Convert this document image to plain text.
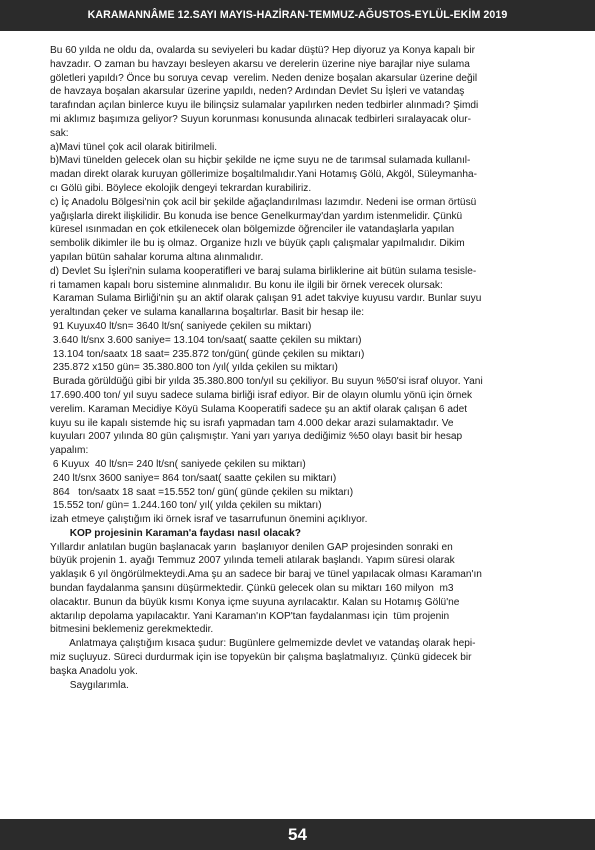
KARAMANNÂME 12.SAYI MAYIS-HAZİRAN-TEMMUZ-AĞUSTOS-EYLÜL-EKİM 2019
Bu 60 yılda ne oldu da, ovalarda su seviyeleri bu kadar düştü? Hep diyoruz ya Konya kapalı bir
havzadır. O zaman bu havzayı besleyen akarsu ve derelerin üzerine niye barajlar niye sulama
göletleri yapıldı? Önce bu soruya cevap  verelim. Neden denize boşalan akarsular üzerine değil
de havzaya boşalan akarsular üzerine yapıldı, neden? Ardından Devlet Su İşleri ve vatandaş
tarafından açılan binlerce kuyu ile bilinçsiz sulamalar yapılırken neden tedbirler alınmadı? Şimdi
mi aklımız başımıza geliyor? Suyun korunması konusunda alınacak tedbirleri sıralayacak olur-
sak:
a)Mavi tünel çok acil olarak bitirilmeli.
b)Mavi tünelden gelecek olan su hiçbir şekilde ne içme suyu ne de tarımsal sulamada kullanıl-
madan direkt olarak kuruyan göllerimize boşaltılmalıdır.Yani Hotamış Gölü, Akgöl, Süleymanha-
cı Gölü gibi. Böylece ekolojik dengeyi tekrardan kurabiliriz.
c) İç Anadolu Bölgesi'nin çok acil bir şekilde ağaçlandırılması lazımdır. Nedeni ise orman örtüsü
yağışlarla direkt ilişkilidir. Bu konuda ise bence Genelkurmay'dan yardım istenmelidir. Çünkü
küresel ısınmadan en çok etkilenecek olan bölgemizde öğrenciler ile vatandaşlarla yapılan
sembolik dikimler ile bu iş olmaz. Organize hızlı ve büyük çaplı çalışmalar yapılmalıdır. Dikim
yapılan bütün sahalar koruma altına alınmalıdır.
d) Devlet Su İşleri'nin sulama kooperatifleri ve baraj sulama birliklerine ait bütün sulama tesisle-
ri tamamen kapalı boru sistemine alınmalıdır. Bu konu ile ilgili bir örnek verecek olursak:
Karaman Sulama Birliği'nin şu an aktif olarak çalışan 91 adet takviye kuyusu vardır. Bunlar suyu
yeraltından çeker ve sulama kanallarına boşaltırlar. Basit bir hesap ile:
91 Kuyux40 lt/sn= 3640 lt/sn( saniyede çekilen su miktarı)
3.640 lt/snx 3.600 saniye= 13.104 ton/saat( saatte çekilen su miktarı)
13.104 ton/saatx 18 saat= 235.872 ton/gün( günde çekilen su miktarı)
235.872 x150 gün= 35.380.800 ton /yıl( yılda çekilen su miktarı)
Burada görüldüğü gibi bir yılda 35.380.800 ton/yıl su çekiliyor. Bu suyun %50'si israf oluyor. Yani
17.690.400 ton/ yıl suyu sadece sulama birliği israf ediyor. Bir de olayın olumlu yönü için örnek
verelim. Karaman Mecidiye Köyü Sulama Kooperatifi sadece şu an aktif olarak çalışan 6 adet
kuyu su ile kapalı sistemde hiç su israfı yapmadan tam 4.000 dekar arazi sulamaktadır. Ve
kuyuları 2007 yılında 80 gün çalışmıştır. Yani yarı yarıya dediğimiz %50 olayı basit bir hesap
yapalım:
6 Kuyux  40 lt/sn= 240 lt/sn( saniyede çekilen su miktarı)
240 lt/snx 3600 saniye= 864 ton/saat( saatte çekilen su miktarı)
864   ton/saatx 18 saat =15.552 ton/ gün( günde çekilen su miktarı)
15.552 ton/ gün= 1.244.160 ton/ yıl( yılda çekilen su miktarı)
izah etmeye çalıştığım iki örnek israf ve tasarrufunun önemini açıklıyor.
KOP projesinin Karaman'a faydası nasıl olacak?
Yıllardır anlatılan bugün başlanacak yarın  başlanıyor denilen GAP projesinden sonraki en
büyük projenin 1. ayağı Temmuz 2007 yılında temeli atılarak başlandı. Yapım süresi olarak
yaklaşık 6 yıl öngörülmekteydi.Ama şu an sadece bir baraj ve tünel yapılacak olması Karaman'ın
bundan faydalanma şansını düşürmektedir. Çünkü gelecek olan su miktarı 160 milyon  m3
olacaktır. Bunun da büyük kısmı Konya içme suyuna ayrılacaktır. Kalan su Hotamış Gölü'ne
aktarılıp depolama yapılacaktır. Yani Karaman'ın KOP'tan faydalanması için  tüm projenin
bitmesini beklemeniz gerekmektedir.
Anlatmaya çalıştığım kısaca şudur: Bugünlere gelmemizde devlet ve vatandaş olarak hepi-
miz suçluyuz. Süreci durdurmak için ise topyekün bir çalışma başlatmalıyız. Çünkü gidecek bir
başka Anadolu yok.
Saygılarımla.
54
